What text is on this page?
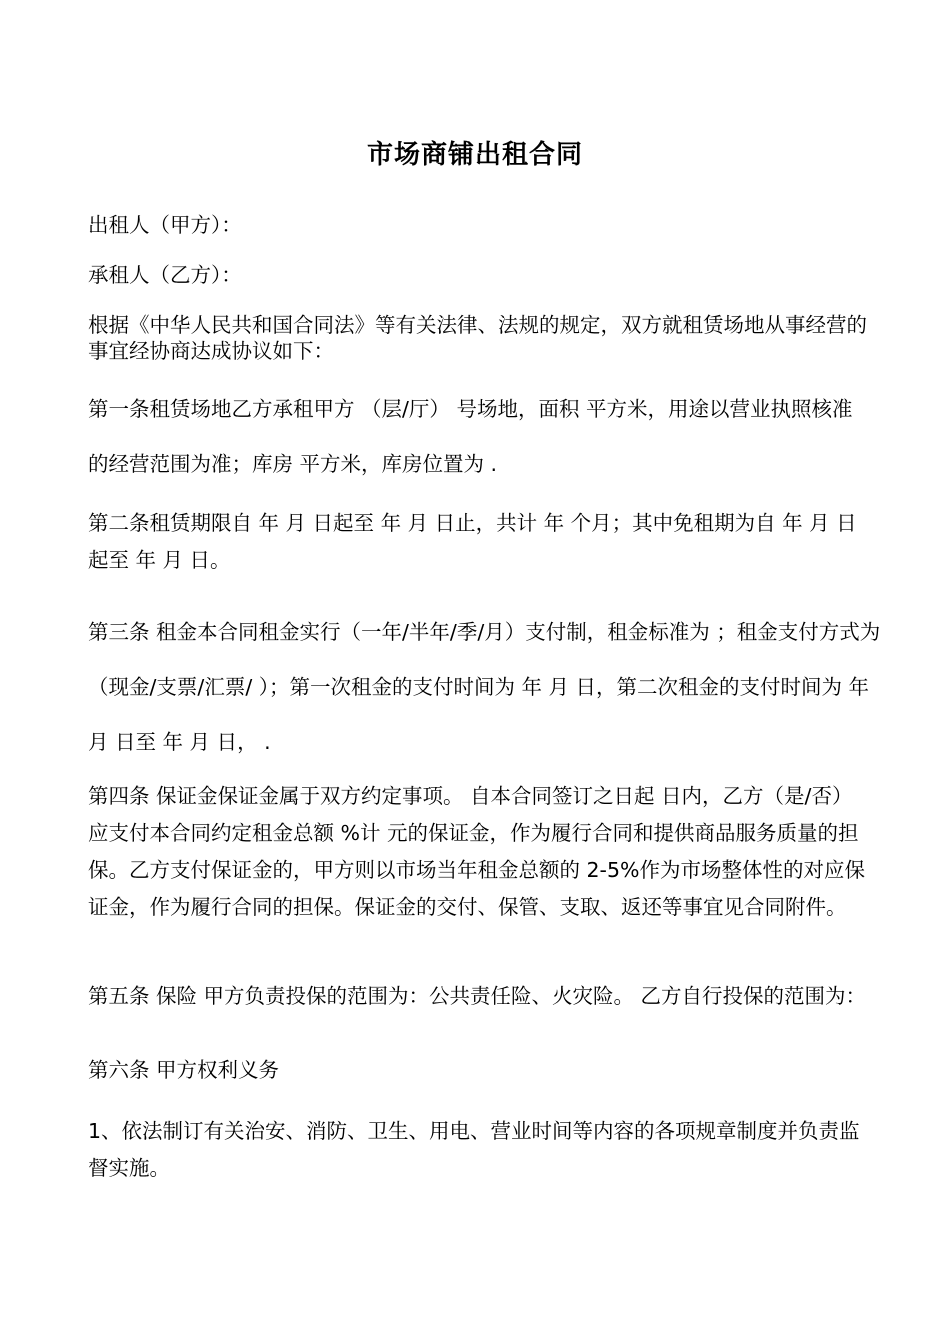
市场商铺出租合同

出租人（甲方）：

承租人（乙方）：

根据《中华人民共和国合同法》等有关法律、法规的规定，双方就租赁场地从事经营的事宜经协商达成协议如下：

第一条租赁场地乙方承租甲方 （层/厅） 号场地，面积 平方米，用途以营业执照核准的经营范围为准；库房 平方米，库房位置为 .

第二条租赁期限自 年 月 日起至 年 月 日止，共计 年 个月；其中免租期为自 年 月 日起至 年 月 日。

第三条 租金本合同租金实行（一年/半年/季/月）支付制，租金标准为 ；租金支付方式为（现金/支票/汇票/ ）；第一次租金的支付时间为 年 月 日，第二次租金的支付时间为 年 月 日至 年 月 日， .

第四条 保证金保证金属于双方约定事项。 自本合同签订之日起 日内，乙方（是/否）应支付本合同约定租金总额 %计 元的保证金，作为履行合同和提供商品服务质量的担保。乙方支付保证金的，甲方则以市场当年租金总额的 2-5%作为市场整体性的对应保证金，作为履行合同的担保。保证金的交付、保管、支取、返还等事宜见合同附件。

第五条 保险 甲方负责投保的范围为：公共责任险、火灾险。 乙方自行投保的范围为：

第六条 甲方权利义务

1、依法制订有关治安、消防、卫生、用电、营业时间等内容的各项规章制度并负责监督实施。
